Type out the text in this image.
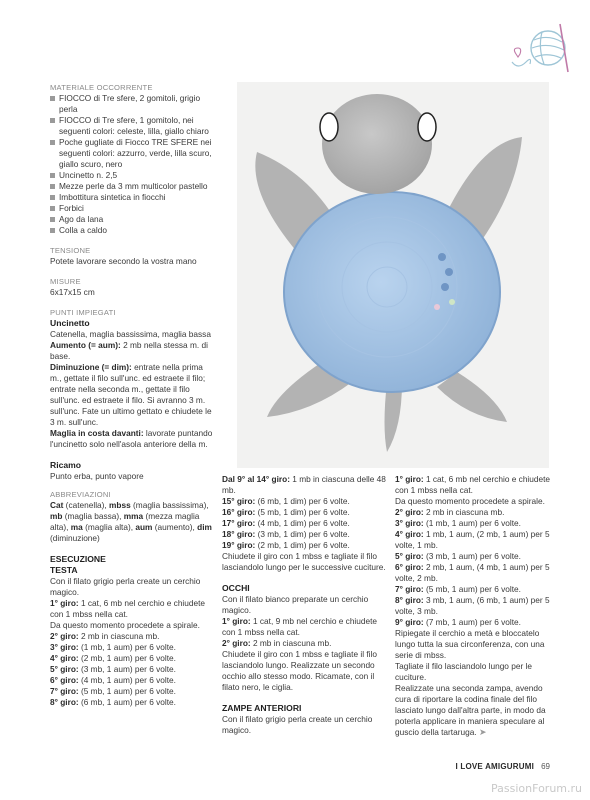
MATERIALE OCCORRENTE
FIOCCO di Tre sfere, 2 gomitoli, grigio perla
FIOCCO di Tre sfere, 1 gomitolo, nei seguenti colori: celeste, lilla, giallo chiaro
Poche gugliate di Fiocco TRE SFERE nei seguenti colori: azzurro, verde, lilla scuro, giallo scuro, nero
Uncinetto n. 2,5
Mezze perle da 3 mm multicolor pastello
Imbottitura sintetica in fiocchi
Forbici
Ago da lana
Colla a caldo
TENSIONE
Potete lavorare secondo la vostra mano
MISURE
6x17x15 cm
PUNTI IMPIEGATI
Uncinetto
Catenella, maglia bassissima, maglia bassa
Aumento (= aum): 2 mb nella stessa m. di base.
Diminuzione (= dim): entrate nella prima m., gettate il filo sull'unc. ed estraete il filo; entrate nella seconda m., gettate il filo sull'unc. ed estraete il filo. Si avranno 3 m. sull'unc. Fate un ultimo gettato e chiudete le 3 m. sull'unc.
Maglia in costa davanti: lavorate puntando l'uncinetto solo nell'asola anteriore della m.
Ricamo
Punto erba, punto vapore
ABBREVIAZIONI
Cat (catenella), mbss (maglia bassissima), mb (maglia bassa), mma (mezza maglia alta), ma (maglia alta), aum (aumento), dim (diminuzione)
ESECUZIONE
TESTA
Con il filato grigio perla create un cerchio magico.
1° giro: 1 cat, 6 mb nel cerchio e chiudete con 1 mbss nella cat.
Da questo momento procedete a spirale.
2° giro: 2 mb in ciascuna mb.
3° giro: (1 mb, 1 aum) per 6 volte.
4° giro: (2 mb, 1 aum) per 6 volte.
5° giro: (3 mb, 1 aum) per 6 volte.
6° giro: (4 mb, 1 aum) per 6 volte.
7° giro: (5 mb, 1 aum) per 6 volte.
8° giro: (6 mb, 1 aum) per 6 volte.
Dal 9° al 14° giro: 1 mb in ciascuna delle 48 mb.
15° giro: (6 mb, 1 dim) per 6 volte.
16° giro: (5 mb, 1 dim) per 6 volte.
17° giro: (4 mb, 1 dim) per 6 volte.
18° giro: (3 mb, 1 dim) per 6 volte.
19° giro: (2 mb, 1 dim) per 6 volte.
Chiudete il giro con 1 mbss e tagliate il filo lasciandolo lungo per le successive cuciture.
OCCHI
Con il filato bianco preparate un cerchio magico.
1° giro: 1 cat, 9 mb nel cerchio e chiudete con 1 mbss nella cat.
2° giro: 2 mb in ciascuna mb.
Chiudete il giro con 1 mbss e tagliate il filo lasciandolo lungo. Realizzate un secondo occhio allo stesso modo. Ricamate, con il filato nero, le ciglia.
ZAMPE ANTERIORI
Con il filato grigio perla create un cerchio magico.
1° giro: 1 cat, 6 mb nel cerchio e chiudete con 1 mbss nella cat.
Da questo momento procedete a spirale.
2° giro: 2 mb in ciascuna mb.
3° giro: (1 mb, 1 aum) per 6 volte.
4° giro: 1 mb, 1 aum, (2 mb, 1 aum) per 5 volte, 1 mb.
5° giro: (3 mb, 1 aum) per 6 volte.
6° giro: 2 mb, 1 aum, (4 mb, 1 aum) per 5 volte, 2 mb.
7° giro: (5 mb, 1 aum) per 6 volte.
8° giro: 3 mb, 1 aum, (6 mb, 1 aum) per 5 volte, 3 mb.
9° giro: (7 mb, 1 aum) per 6 volte.
Ripiegate il cerchio a metà e bloccatelo lungo tutta la sua circonferenza, con una serie di mbss.
Tagliate il filo lasciandolo lungo per le cuciture.
Realizzate una seconda zampa, avendo cura di riportare la codina finale del filo lasciato lungo dall'altra parte, in modo da poterla applicare in maniera speculare al guscio della tartaruga. ➤
I LOVE AMIGURUMI 69
PassionForum.ru
